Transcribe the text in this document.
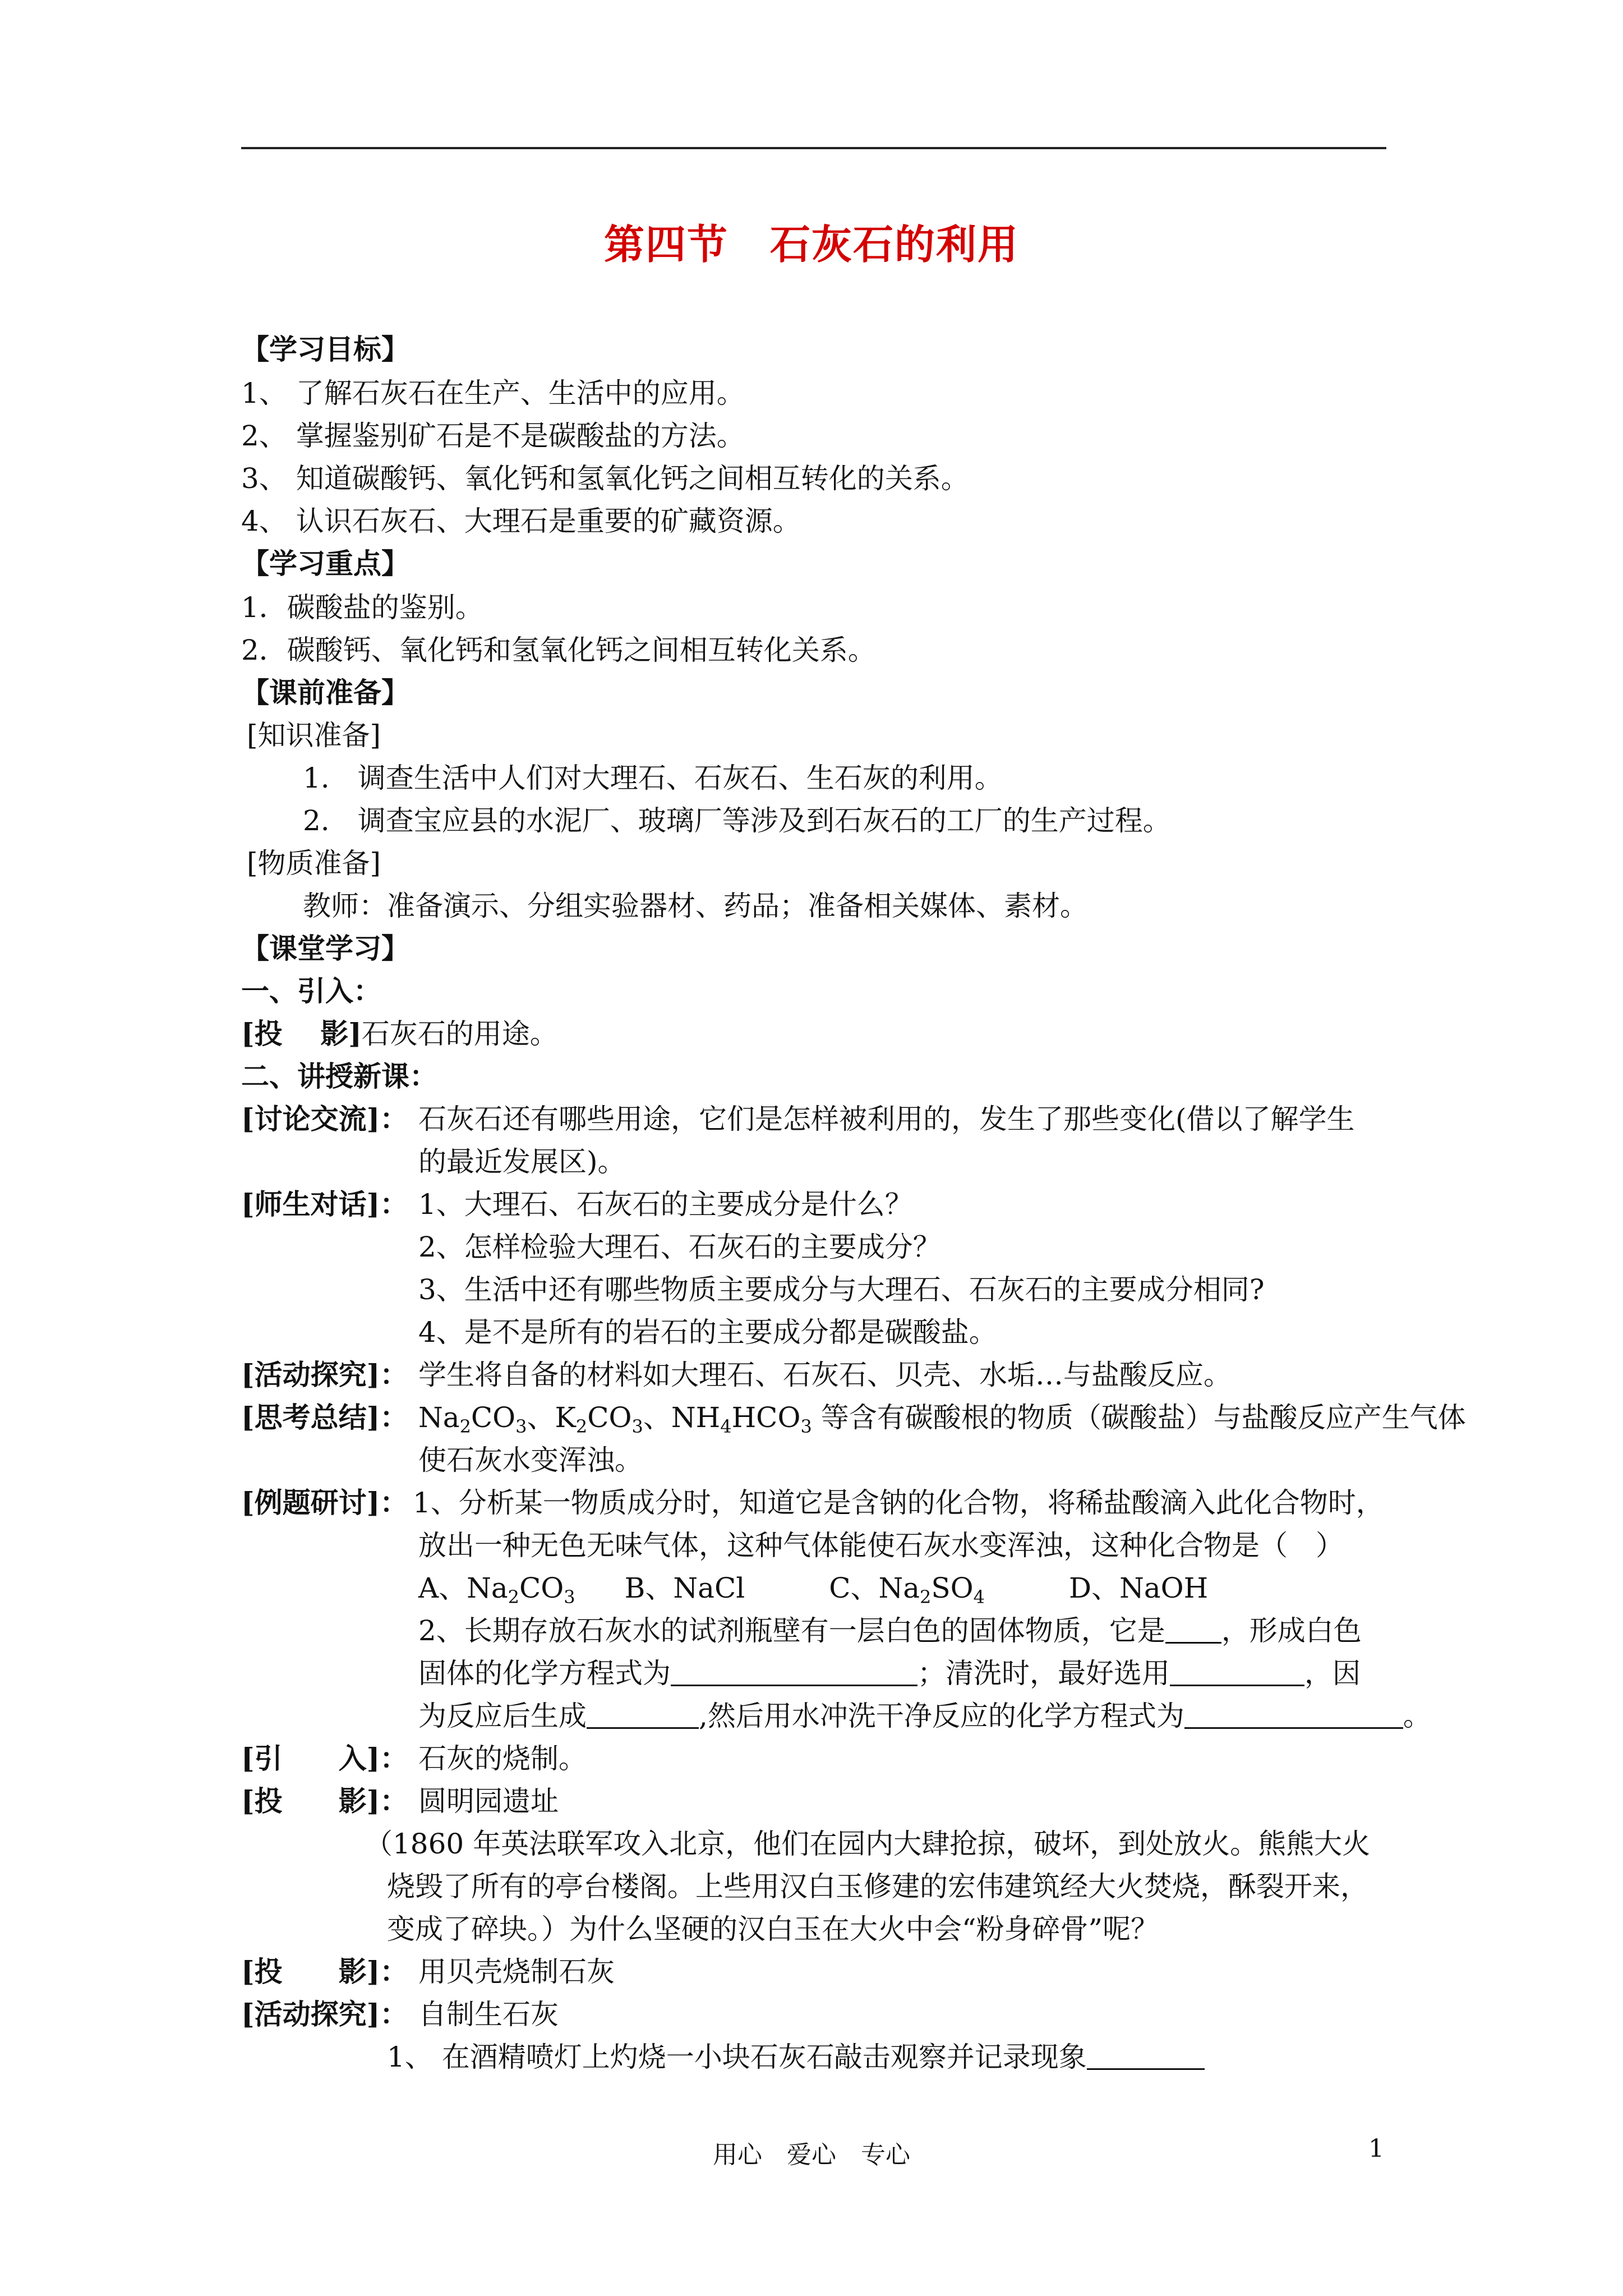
第四节　石灰石的利用
【学习目标】
1、 了解石灰石在生产、生活中的应用。
2、 掌握鉴别矿石是不是碳酸盐的方法。
3、 知道碳酸钙、氧化钙和氢氧化钙之间相互转化的关系。
4、 认识石灰石、大理石是重要的矿藏资源。
【学习重点】
1．碳酸盐的鉴别。
2．碳酸钙、氧化钙和氢氧化钙之间相互转化关系。
【课前准备】
[知识准备]
1.　调查生活中人们对大理石、石灰石、生石灰的利用。
2.　调查宝应县的水泥厂、玻璃厂等涉及到石灰石的工厂的生产过程。
[物质准备]
教师：准备演示、分组实验器材、药品；准备相关媒体、素材。
【课堂学习】
一、引入：
[投　 影]石灰石的用途。
二、讲授新课：
[讨论交流]： 石灰石还有哪些用途，它们是怎样被利用的，发生了那些变化(借以了解学生
的最近发展区)。
[师生对话]： 1、大理石、石灰石的主要成分是什么？
2、怎样检验大理石、石灰石的主要成分？
3、生活中还有哪些物质主要成分与大理石、石灰石的主要成分相同?
4、是不是所有的岩石的主要成分都是碳酸盐。
[活动探究]： 学生将自备的材料如大理石、石灰石、贝壳、水垢…与盐酸反应。
[思考总结]： $Na_2CO_3$、$K_2CO_3$、$NH_4HCO_3$ 等含有碳酸根的物质（碳酸盐）与盐酸反应产生气体
使石灰水变浑浊。
[例题研讨]： 1、分析某一物质成分时，知道它是含钠的化合物，将稀盐酸滴入此化合物时，
放出一种无色无味气体，这种气体能使石灰水变浑浊，这种化合物是（　）
A、$Na_2CO_3$ B、NaCl	C、$Na_2SO_4$	D、NaOH
2、长期存放石灰水的试剂瓶壁有一层白色的固体物质，它是 ，形成白色
固体的化学方程式为	；清洗时，最好选用	，因
为反应后生成	,然后用水冲洗干净反应的化学方程式为	。
[引　　入]： 石灰的烧制。
[投　　影]： 圆明园遗址
（1860 年英法联军攻入北京，他们在园内大肆抢掠，破坏，到处放火。熊熊大火
烧毁了所有的亭台楼阁。上些用汉白玉修建的宏伟建筑经大火焚烧，酥裂开来，
变成了碎块。）为什么坚硬的汉白玉在大火中会“粉身碎骨”呢？
[投　　影]： 用贝壳烧制石灰
[活动探究]： 自制生石灰
1、 在酒精喷灯上灼烧一小块石灰石敲击观察并记录现象
用心　爱心　专心	1
